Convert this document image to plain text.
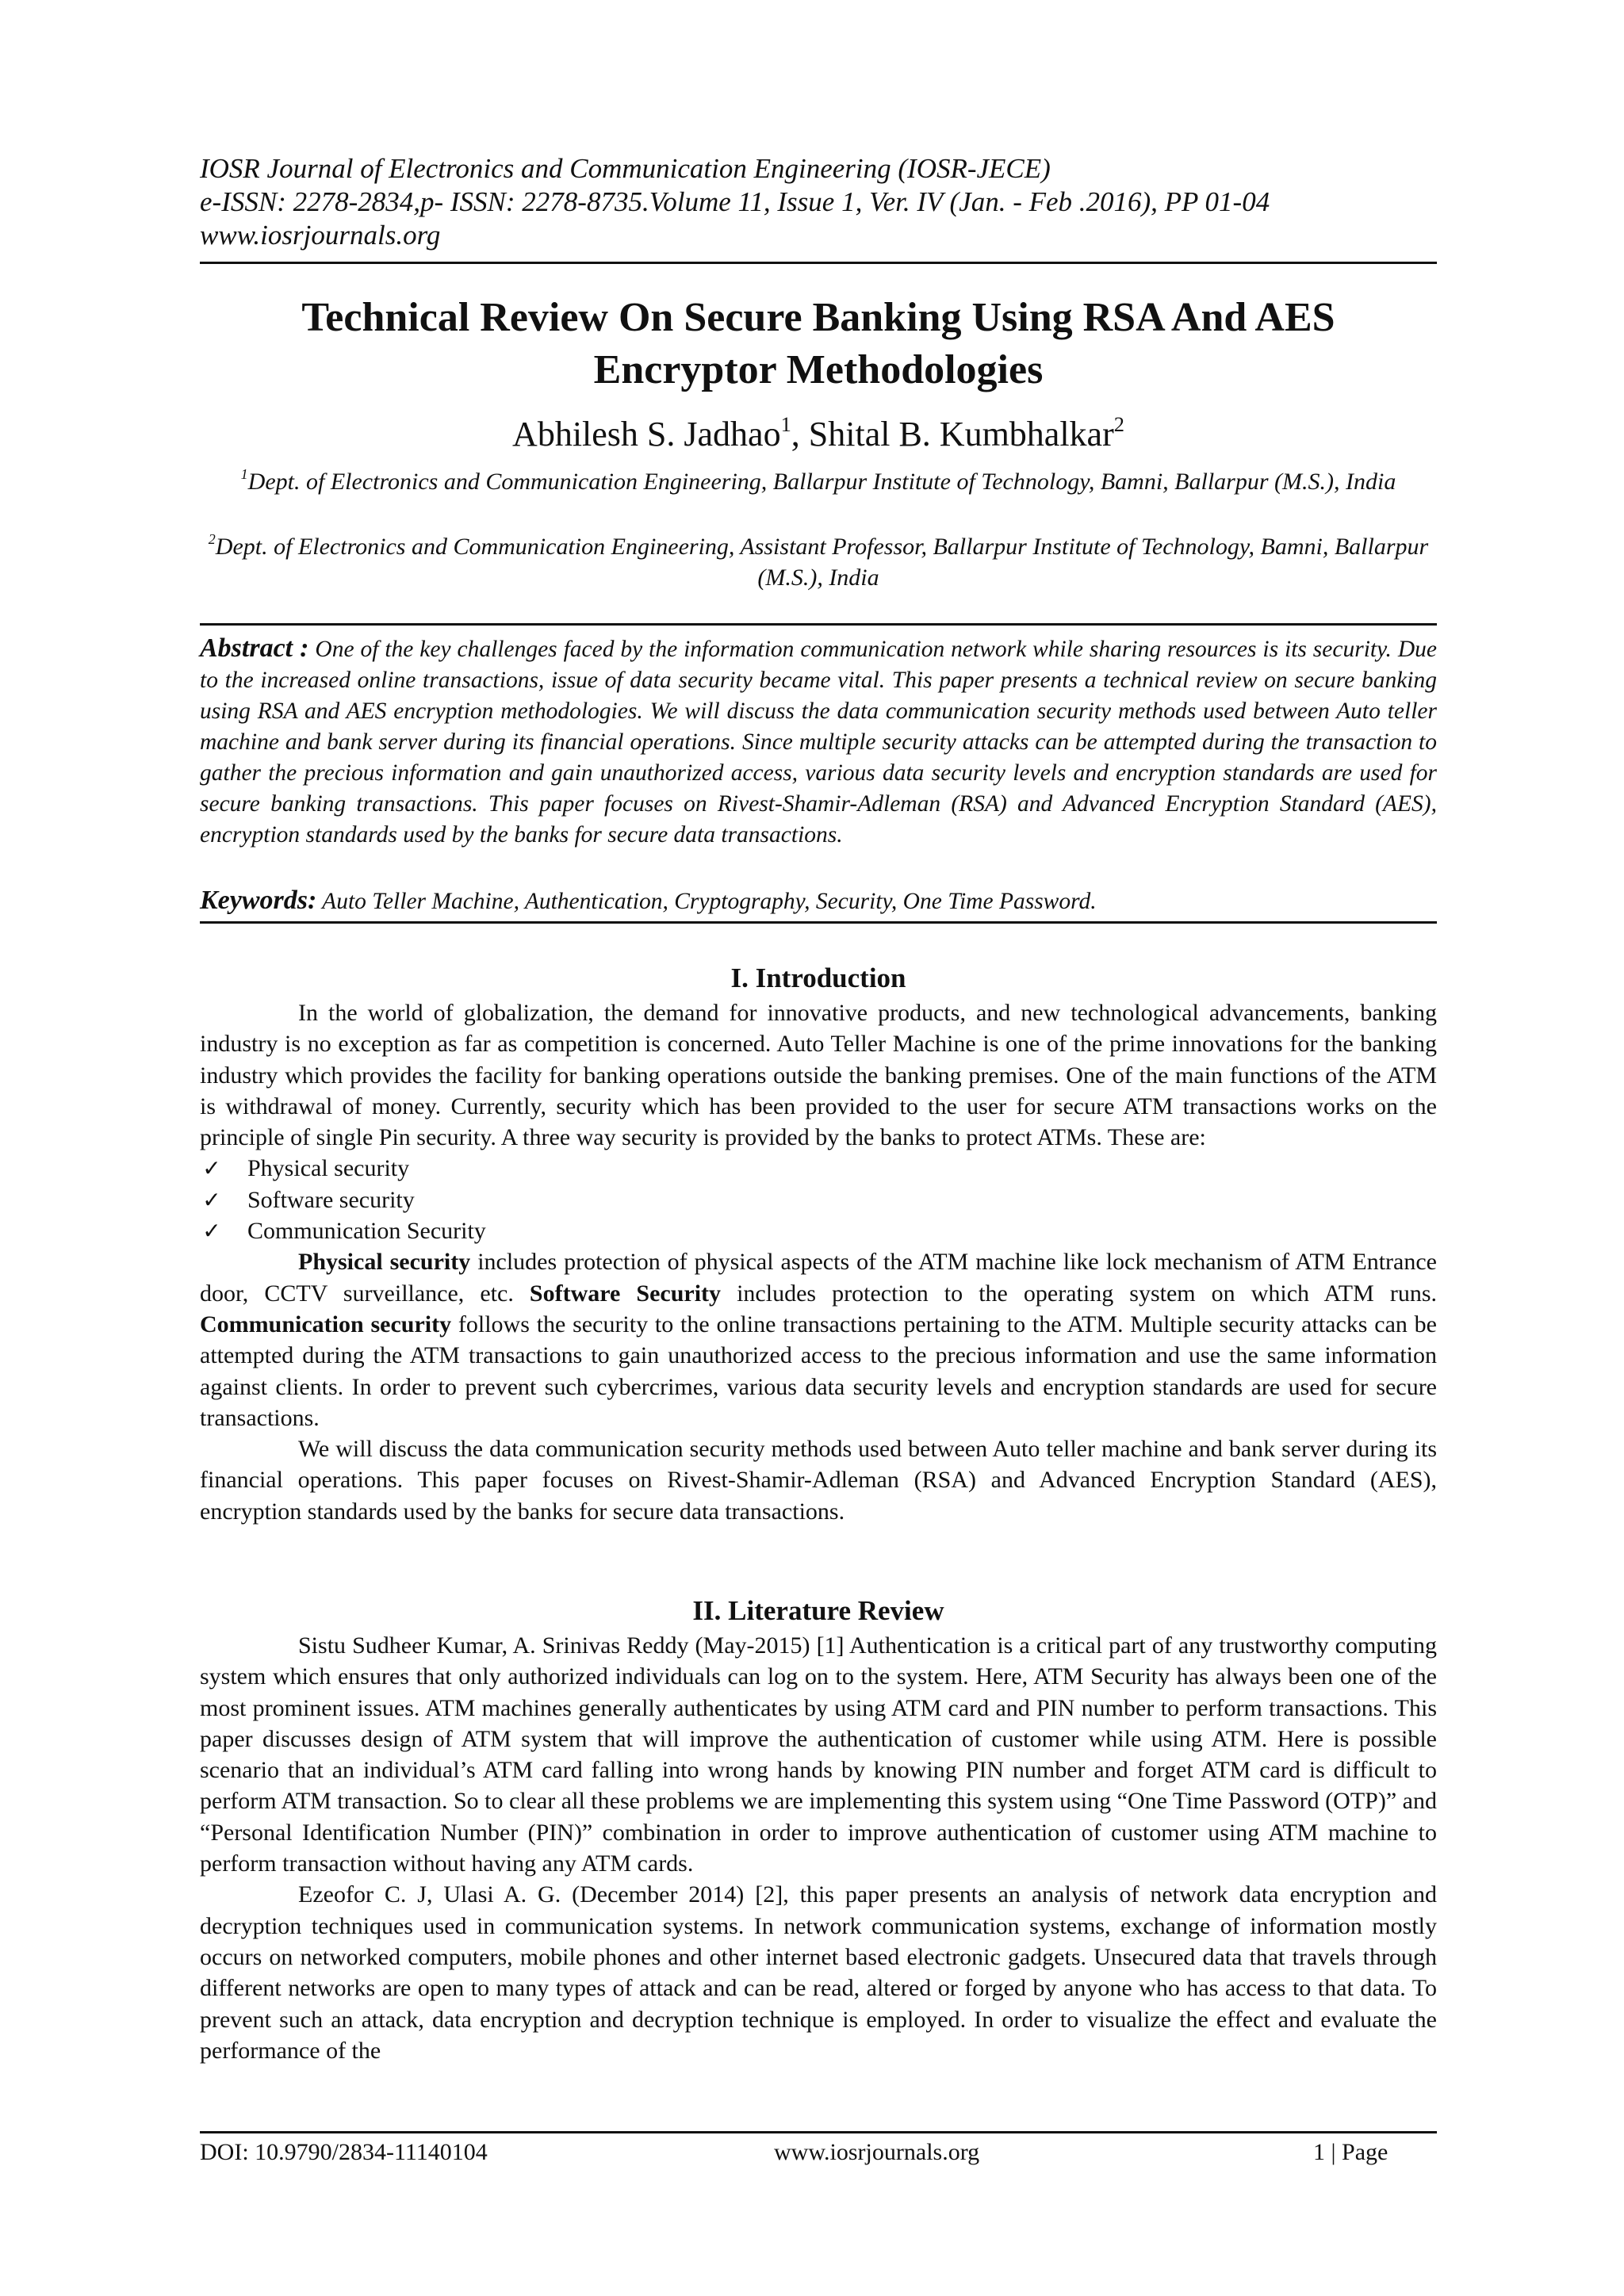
IOSR Journal of Electronics and Communication Engineering (IOSR-JECE)
e-ISSN: 2278-2834,p- ISSN: 2278-8735.Volume 11, Issue 1, Ver. IV (Jan. - Feb .2016), PP 01-04
www.iosrjournals.org
Technical Review On Secure Banking Using RSA And AES
Encryptor Methodologies
Abhilesh S. Jadhao$^1$, Shital B. Kumbhalkar$^2$
$^1$Dept. of Electronics and Communication Engineering, Ballarpur Institute of Technology, Bamni, Ballarpur (M.S.), India
$^2$Dept. of Electronics and Communication Engineering, Assistant Professor, Ballarpur Institute of Technology, Bamni, Ballarpur (M.S.), India
Abstract : One of the key challenges faced by the information communication network while sharing resources is its security. Due to the increased online transactions, issue of data security became vital. This paper presents a technical review on secure banking using RSA and AES encryption methodologies. We will discuss the data communication security methods used between Auto teller machine and bank server during its financial operations. Since multiple security attacks can be attempted during the transaction to gather the precious information and gain unauthorized access, various data security levels and encryption standards are used for secure banking transactions. This paper focuses on Rivest-Shamir-Adleman (RSA) and Advanced Encryption Standard (AES), encryption standards used by the banks for secure data transactions.
Keywords: Auto Teller Machine, Authentication, Cryptography, Security, One Time Password.
I. Introduction

In the world of globalization, the demand for innovative products, and new technological advancements, banking industry is no exception as far as competition is concerned. Auto Teller Machine is one of the prime innovations for the banking industry which provides the facility for banking operations outside the banking premises. One of the main functions of the ATM is withdrawal of money. Currently, security which has been provided to the user for secure ATM transactions works on the principle of single Pin security. A three way security is provided by the banks to protect ATMs. These are:

✓ Physical security
✓ Software security
✓ Communication Security

Physical security includes protection of physical aspects of the ATM machine like lock mechanism of ATM Entrance door, CCTV surveillance, etc. Software Security includes protection to the operating system on which ATM runs. Communication security follows the security to the online transactions pertaining to the ATM. Multiple security attacks can be attempted during the ATM transactions to gain unauthorized access to the precious information and use the same information against clients. In order to prevent such cybercrimes, various data security levels and encryption standards are used for secure transactions.

We will discuss the data communication security methods used between Auto teller machine and bank server during its financial operations. This paper focuses on Rivest-Shamir-Adleman (RSA) and Advanced Encryption Standard (AES), encryption standards used by the banks for secure data transactions.

II. Literature Review

Sistu Sudheer Kumar, A. Srinivas Reddy (May-2015) [1] Authentication is a critical part of any trustworthy computing system which ensures that only authorized individuals can log on to the system. Here, ATM Security has always been one of the most prominent issues. ATM machines generally authenticates by using ATM card and PIN number to perform transactions. This paper discusses design of ATM system that will improve the authentication of customer while using ATM. Here is possible scenario that an individual’s ATM card falling into wrong hands by knowing PIN number and forget ATM card is difficult to perform ATM transaction. So to clear all these problems we are implementing this system using “One Time Password (OTP)” and “Personal Identification Number (PIN)” combination in order to improve authentication of customer using ATM machine to perform transaction without having any ATM cards.

Ezeofor C. J, Ulasi A. G. (December 2014) [2], this paper presents an analysis of network data encryption and decryption techniques used in communication systems. In network communication systems, exchange of information mostly occurs on networked computers, mobile phones and other internet based electronic gadgets. Unsecured data that travels through different networks are open to many types of attack and can be read, altered or forged by anyone who has access to that data. To prevent such an attack, data encryption and decryption technique is employed. In order to visualize the effect and evaluate the performance of the

DOI: 10.9790/2834-11140104	www.iosrjournals.org	1 | Page
